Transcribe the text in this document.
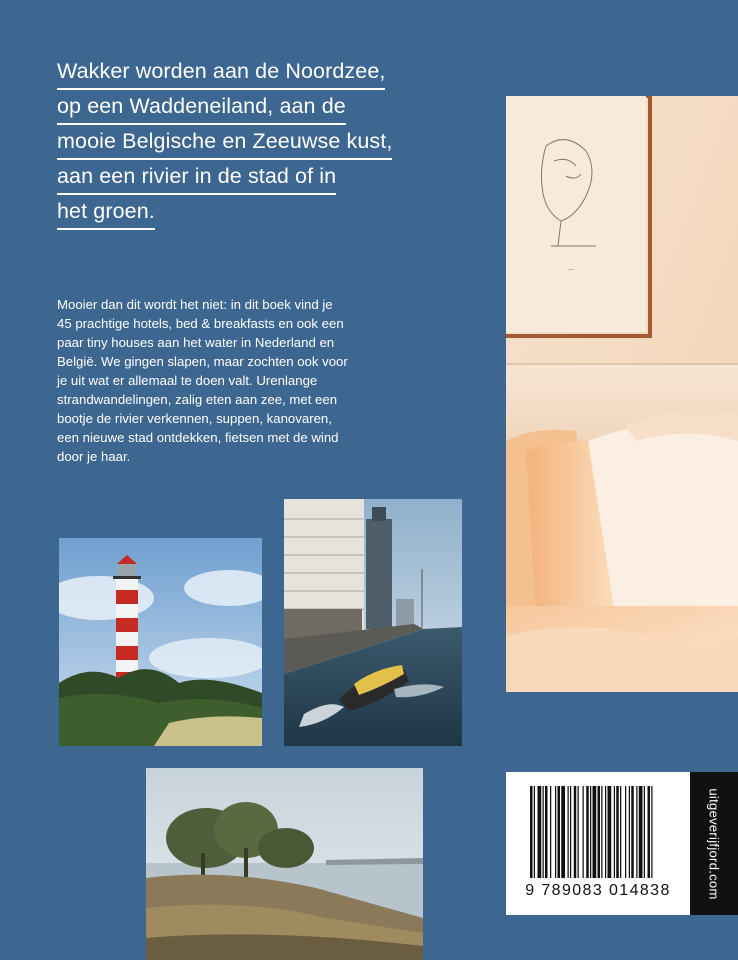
Wakker worden aan de Noordzee,
op een Waddeneiland, aan de
mooie Belgische en Zeeuwse kust,
aan een rivier in de stad of in
het groen.
Mooier dan dit wordt het niet: in dit boek vind je
45 prachtige hotels, bed & breakfasts en ook een
paar tiny houses aan het water in Nederland en
België. We gingen slapen, maar zochten ook voor
je uit wat er allemaal te doen valt. Urenlange
strandwandelingen, zalig eten aan zee, met een
bootje de rivier verkennen, suppen, kanovaren,
een nieuwe stad ontdekken, fietsen met de wind
door je haar.
—
9 789083 014838	uitgeverijfjord.com
